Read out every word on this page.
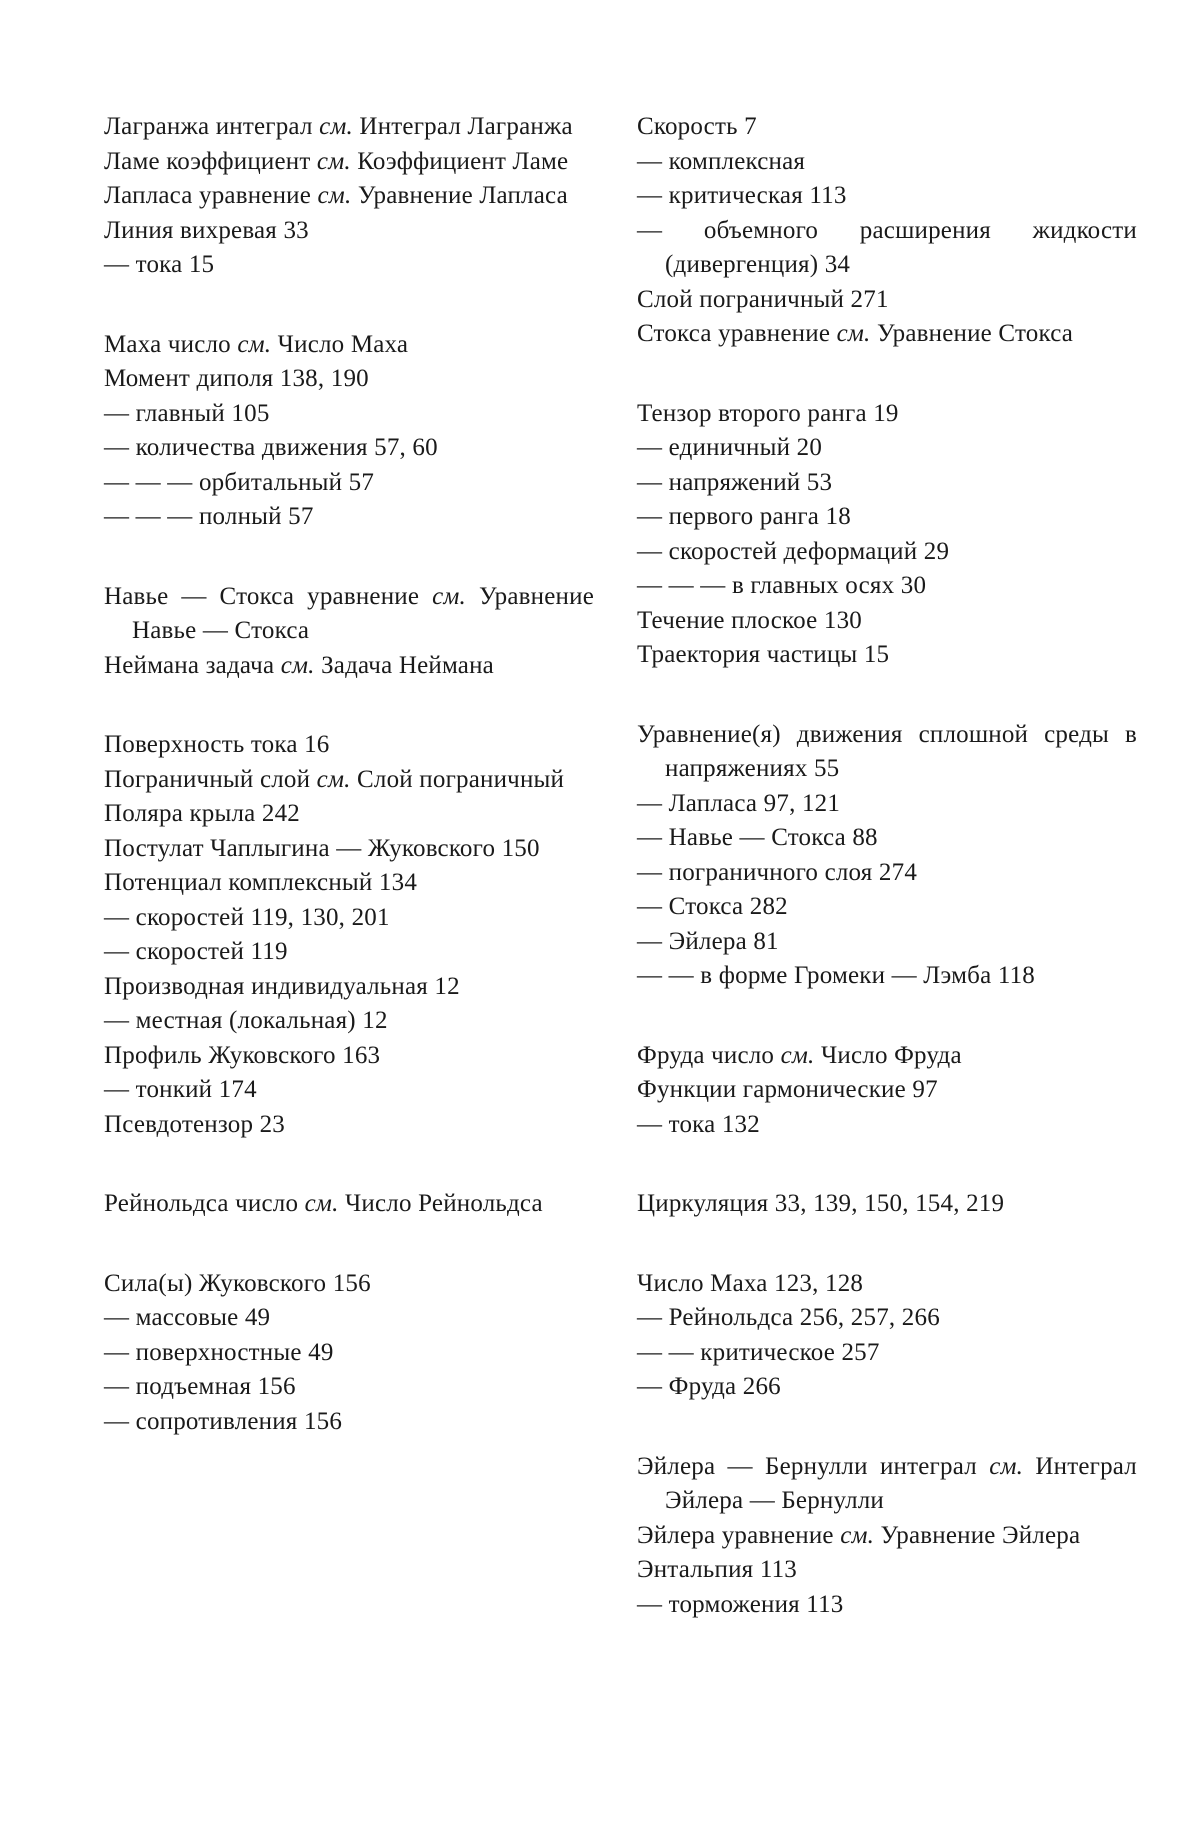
Лагранжа интеграл см. Интеграл Лагранжа
Ламе коэффициент см. Коэффициент Ламе
Лапласа уравнение см. Уравнение Лапласа
Линия вихревая 33
— тока 15
Маха число см. Число Маха
Момент диполя 138, 190
— главный 105
— количества движения 57, 60
— — — орбитальный 57
— — — полный 57
Навье — Стокса уравнение см. Уравнение Навье — Стокса
Неймана задача см. Задача Неймана
Поверхность тока 16
Пограничный слой см. Слой пограничный
Поляра крыла 242
Постулат Чаплыгина — Жуковского 150
Потенциал комплексный 134
— скоростей 119, 130, 201
— скоростей 119
Производная индивидуальная 12
— местная (локальная) 12
Профиль Жуковского 163
— тонкий 174
Псевдотензор 23
Рейнольдса число см. Число Рейнольдса
Сила(ы) Жуковского 156
— массовые 49
— поверхностные 49
— подъемная 156
— сопротивления 156
Скорость 7
— комплексная
— критическая 113
— объемного расширения жидкости (дивергенция) 34
Слой пограничный 271
Стокса уравнение см. Уравнение Стокса
Тензор второго ранга 19
— единичный 20
— напряжений 53
— первого ранга 18
— скоростей деформаций 29
— — — в главных осях 30
Течение плоское 130
Траектория частицы 15
Уравнение(я) движения сплошной среды в напряжениях 55
— Лапласа 97, 121
— Навье — Стокса 88
— пограничного слоя 274
— Стокса 282
— Эйлера 81
— — в форме Громеки — Лэмба 118
Фруда число см. Число Фруда
Функции гармонические 97
— тока 132
Циркуляция 33, 139, 150, 154, 219
Число Маха 123, 128
— Рейнольдса 256, 257, 266
— — критическое 257
— Фруда 266
Эйлера — Бернулли интеграл см. Интеграл Эйлера — Бернулли
Эйлера уравнение см. Уравнение Эйлера
Энтальпия 113
— торможения 113
